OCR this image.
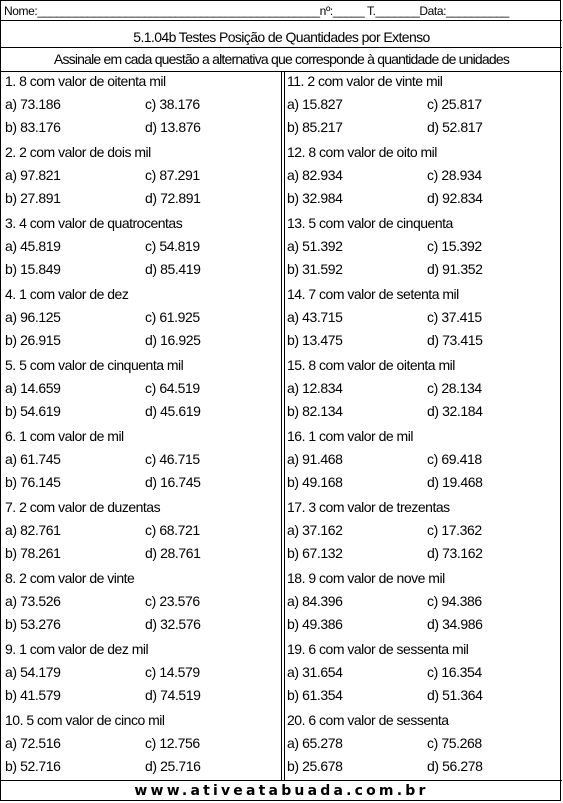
Nome:_____________________________________________nº:_____ T._______Data:__________
5.1.04b Testes Posição de Quantidades por Extenso
Assinale em cada questão a alternativa que corresponde à quantidade de unidades
1. 8 com valor de oitenta mil
a) 73.186	c) 38.176
b) 83.176	d) 13.876
2. 2 com valor de dois mil
a) 97.821	c) 87.291
b) 27.891	d) 72.891
3. 4 com valor de quatrocentas
a) 45.819	c) 54.819
b) 15.849	d) 85.419
4. 1 com valor de dez
a) 96.125	c) 61.925
b) 26.915	d) 16.925
5. 5 com valor de cinquenta mil
a) 14.659	c) 64.519
b) 54.619	d) 45.619
6. 1 com valor de mil
a) 61.745	c) 46.715
b) 76.145	d) 16.745
7. 2 com valor de duzentas
a) 82.761	c) 68.721
b) 78.261	d) 28.761
8. 2 com valor de vinte
a) 73.526	c) 23.576
b) 53.276	d) 32.576
9. 1 com valor de dez mil
a) 54.179	c) 14.579
b) 41.579	d) 74.519
10. 5 com valor de cinco mil
a) 72.516	c) 12.756
b) 52.716	d) 25.716
11. 2 com valor de vinte mil
a) 15.827	c) 25.817
b) 85.217	d) 52.817
12. 8 com valor de oito mil
a) 82.934	c) 28.934
b) 32.984	d) 92.834
13. 5 com valor de cinquenta
a) 51.392	c) 15.392
b) 31.592	d) 91.352
14. 7 com valor de setenta mil
a) 43.715	c) 37.415
b) 13.475	d) 73.415
15. 8 com valor de oitenta mil
a) 12.834	c) 28.134
b) 82.134	d) 32.184
16. 1 com valor de mil
a) 91.468	c) 69.418
b) 49.168	d) 19.468
17. 3 com valor de trezentas
a) 37.162	c) 17.362
b) 67.132	d) 73.162
18. 9 com valor de nove mil
a) 84.396	c) 94.386
b) 49.386	d) 34.986
19. 6 com valor de sessenta mil
a) 31.654	c) 16.354
b) 61.354	d) 51.364
20. 6 com valor de sessenta
a) 65.278	c) 75.268
b) 25.678	d) 56.278
www.ativeatabuada.com.br
